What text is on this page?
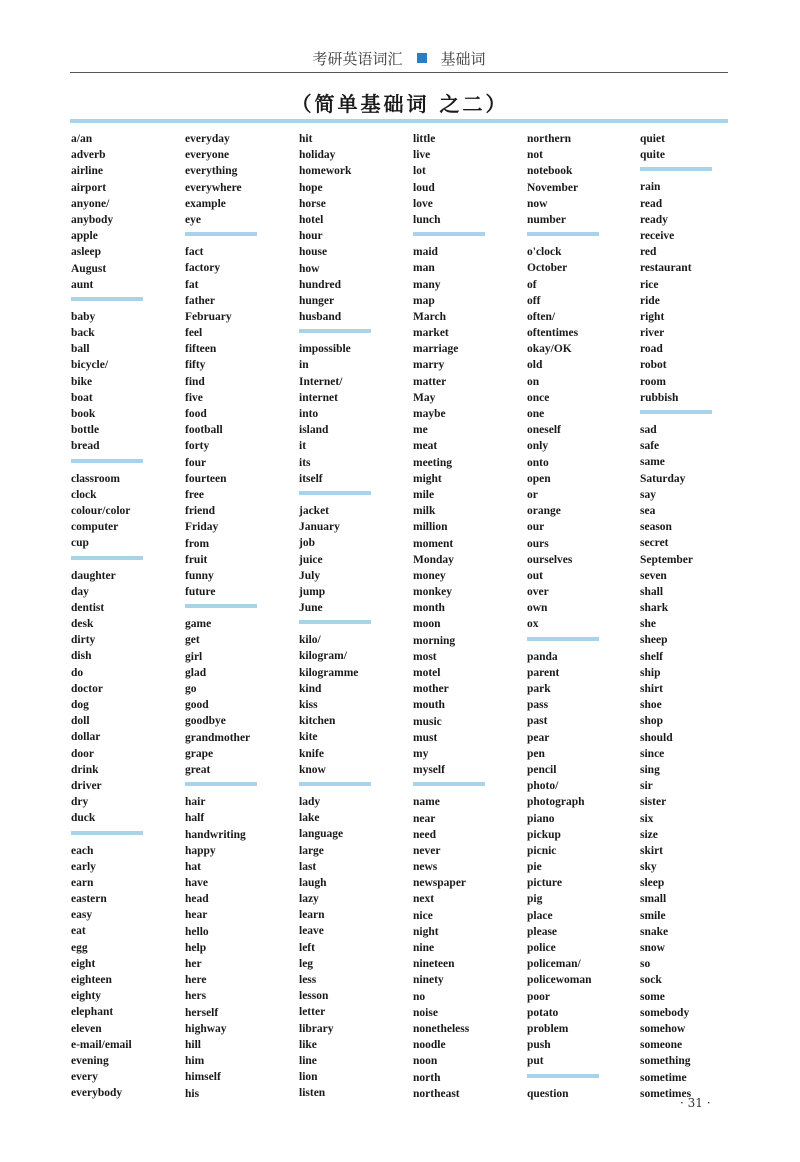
考研英语词汇	基础词
（简单基础词 之二）
a/an
adverb
airline
airport
anyone/
anybody
apple
asleep
August
aunt
baby
back
ball
bicycle/
bike
boat
book
bottle
bread
classroom
clock
colour/color
computer
cup
daughter
day
dentist
desk
dirty
dish
do
doctor
dog
doll
dollar
door
drink
driver
dry
duck
each
early
earn
eastern
easy
eat
egg
eight
eighteen
eighty
elephant
eleven
e-mail/email
evening
every
everybody
everyday
everyone
everything
everywhere
example
eye
fact
factory
fat
father
February
feel
fifteen
fifty
find
five
food
football
forty
four
fourteen
free
friend
Friday
from
fruit
funny
future
game
get
girl
glad
go
good
goodbye
grandmother
grape
great
hair
half
handwriting
happy
hat
have
head
hear
hello
help
her
here
hers
herself
highway
hill
him
himself
his
hit
holiday
homework
hope
horse
hotel
hour
house
how
hundred
hunger
husband
impossible
in
Internet/
internet
into
island
it
its
itself
jacket
January
job
juice
July
jump
June
kilo/
kilogram/
kilogramme
kind
kiss
kitchen
kite
knife
know
lady
lake
language
large
last
laugh
lazy
learn
leave
left
leg
less
lesson
letter
library
like
line
lion
listen
little
live
lot
loud
love
lunch
maid
man
many
map
March
market
marriage
marry
matter
May
maybe
me
meat
meeting
might
mile
milk
million
moment
Monday
money
monkey
month
moon
morning
most
motel
mother
mouth
music
must
my
myself
name
near
need
never
news
newspaper
next
nice
night
nine
nineteen
ninety
no
noise
nonetheless
noodle
noon
north
northeast
northern
not
notebook
November
now
number
o'clock
October
of
off
often/
oftentimes
okay/OK
old
on
once
one
oneself
only
onto
open
or
orange
our
ours
ourselves
out
over
own
ox
panda
parent
park
pass
past
pear
pen
pencil
photo/
photograph
piano
pickup
picnic
pie
picture
pig
place
please
police
policeman/
policewoman
poor
potato
problem
push
put
question
quiet
quite
rain
read
ready
receive
red
restaurant
rice
ride
right
river
road
robot
room
rubbish
sad
safe
same
Saturday
say
sea
season
secret
September
seven
shall
shark
she
sheep
shelf
ship
shirt
shoe
shop
should
since
sing
sir
sister
six
size
skirt
sky
sleep
small
smile
snake
snow
so
sock
some
somebody
somehow
someone
something
sometime
sometimes
· 31 ·
